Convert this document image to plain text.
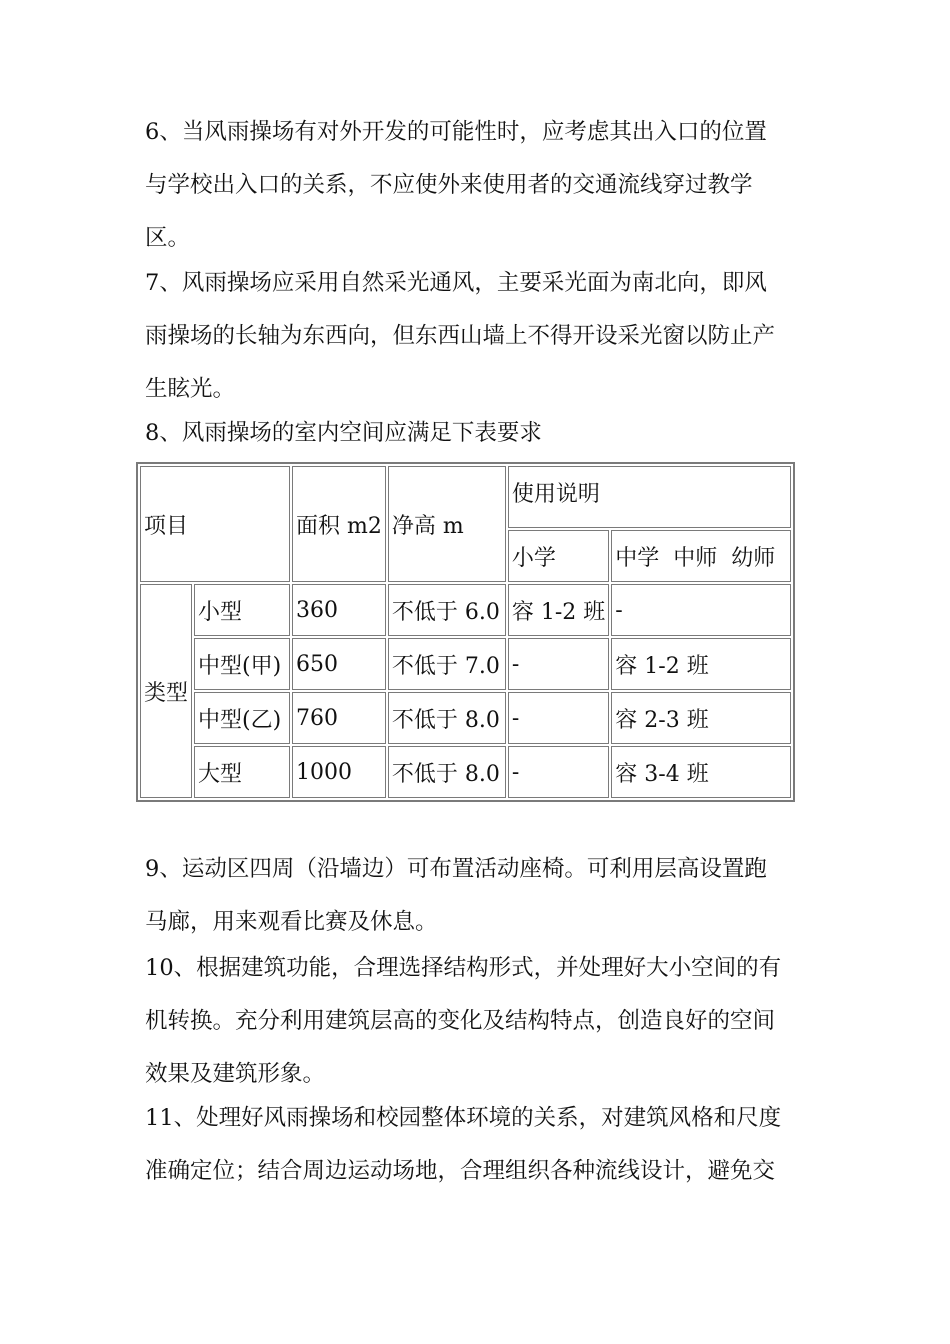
6、当风雨操场有对外开发的可能性时，应考虑其出入口的位置
与学校出入口的关系，不应使外来使用者的交通流线穿过教学
区。

7、风雨操场应采用自然采光通风，主要采光面为南北向，即风
雨操场的长轴为东西向，但东西山墙上不得开设采光窗以防止产
生眩光。

8、风雨操场的室内空间应满足下表要求

项目		面积 m2	净高 m	使用说明	
				小学	中学  中师  幼师
类型	小型	360	不低于 6.0	容 1-2 班	-
	中型(甲)	650	不低于 7.0	-	容 1-2 班
	中型(乙)	760	不低于 8.0	-	容 2-3 班
	大型	1000	不低于 8.0	-	容 3-4 班

9、运动区四周（沿墙边）可布置活动座椅。可利用层高设置跑
马廊，用来观看比赛及休息。

10、根据建筑功能，合理选择结构形式，并处理好大小空间的有
机转换。充分利用建筑层高的变化及结构特点，创造良好的空间
效果及建筑形象。

11、处理好风雨操场和校园整体环境的关系，对建筑风格和尺度
准确定位；结合周边运动场地，合理组织各种流线设计，避免交
